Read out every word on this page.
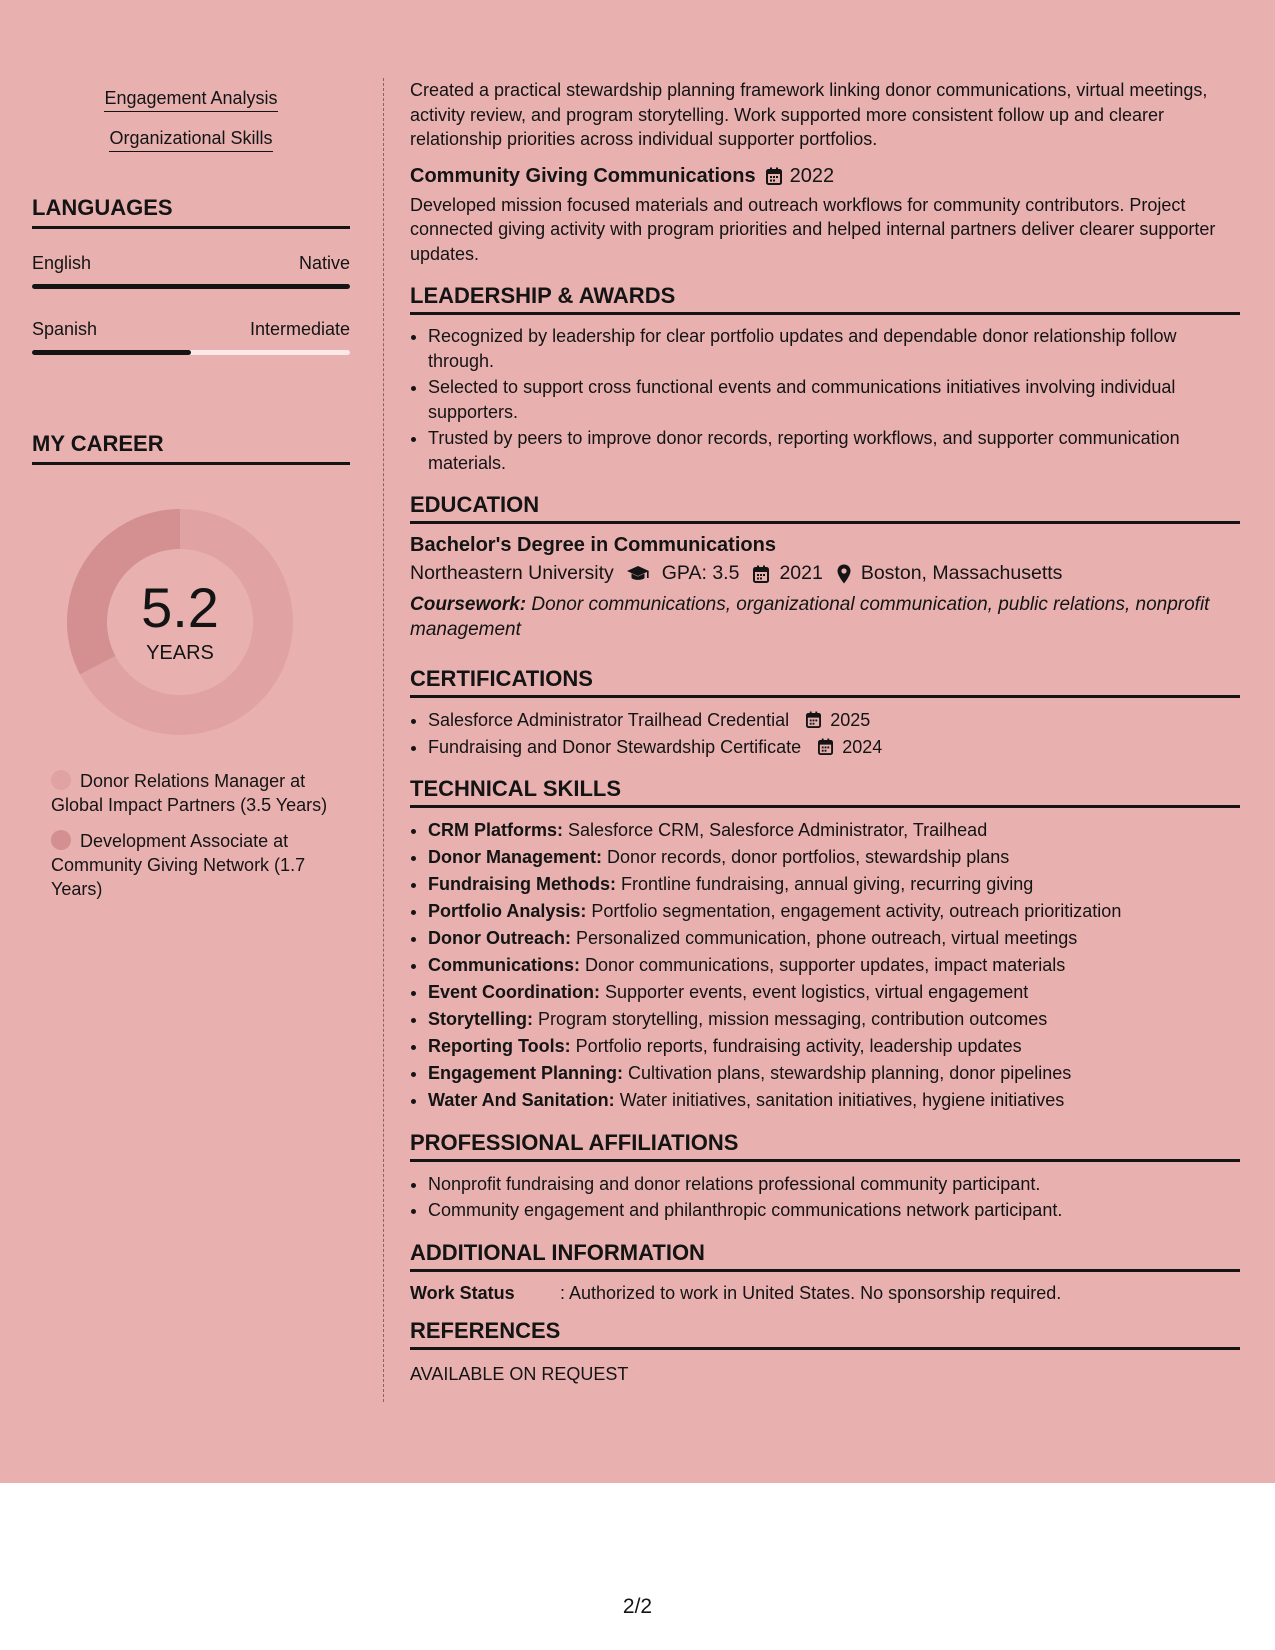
Engagement Analysis
Organizational Skills
LANGUAGES
English	Native
Spanish	Intermediate
MY CAREER
5.2
YEARS
Donor Relations Manager at Global Impact Partners (3.5 Years)
Development Associate at Community Giving Network (1.7 Years)

Created a practical stewardship planning framework linking donor communications, virtual meetings, activity review, and program storytelling. Work supported more consistent follow up and clearer relationship priorities across individual supporter portfolios.

Community Giving Communications 2022

Developed mission focused materials and outreach workflows for community contributors. Project connected giving activity with program priorities and helped internal partners deliver clearer supporter updates.

LEADERSHIP & AWARDS
• Recognized by leadership for clear portfolio updates and dependable donor relationship follow through.
• Selected to support cross functional events and communications initiatives involving individual supporters.
• Trusted by peers to improve donor records, reporting workflows, and supporter communication materials.
EDUCATION
Bachelor's Degree in Communications
Northeastern University GPA: 3.5 2021 Boston, Massachusetts
Coursework: Donor communications, organizational communication, public relations, nonprofit management
CERTIFICATIONS
• Salesforce Administrator Trailhead Credential 2025
• Fundraising and Donor Stewardship Certificate 2024
TECHNICAL SKILLS
• CRM Platforms: Salesforce CRM, Salesforce Administrator, Trailhead
• Donor Management: Donor records, donor portfolios, stewardship plans
• Fundraising Methods: Frontline fundraising, annual giving, recurring giving
• Portfolio Analysis: Portfolio segmentation, engagement activity, outreach prioritization
• Donor Outreach: Personalized communication, phone outreach, virtual meetings
• Communications: Donor communications, supporter updates, impact materials
• Event Coordination: Supporter events, event logistics, virtual engagement
• Storytelling: Program storytelling, mission messaging, contribution outcomes
• Reporting Tools: Portfolio reports, fundraising activity, leadership updates
• Engagement Planning: Cultivation plans, stewardship planning, donor pipelines
• Water And Sanitation: Water initiatives, sanitation initiatives, hygiene initiatives
PROFESSIONAL AFFILIATIONS
• Nonprofit fundraising and donor relations professional community participant.
• Community engagement and philanthropic communications network participant.
ADDITIONAL INFORMATION
Work Status	: Authorized to work in United States. No sponsorship required.
REFERENCES
AVAILABLE ON REQUEST
2/2
